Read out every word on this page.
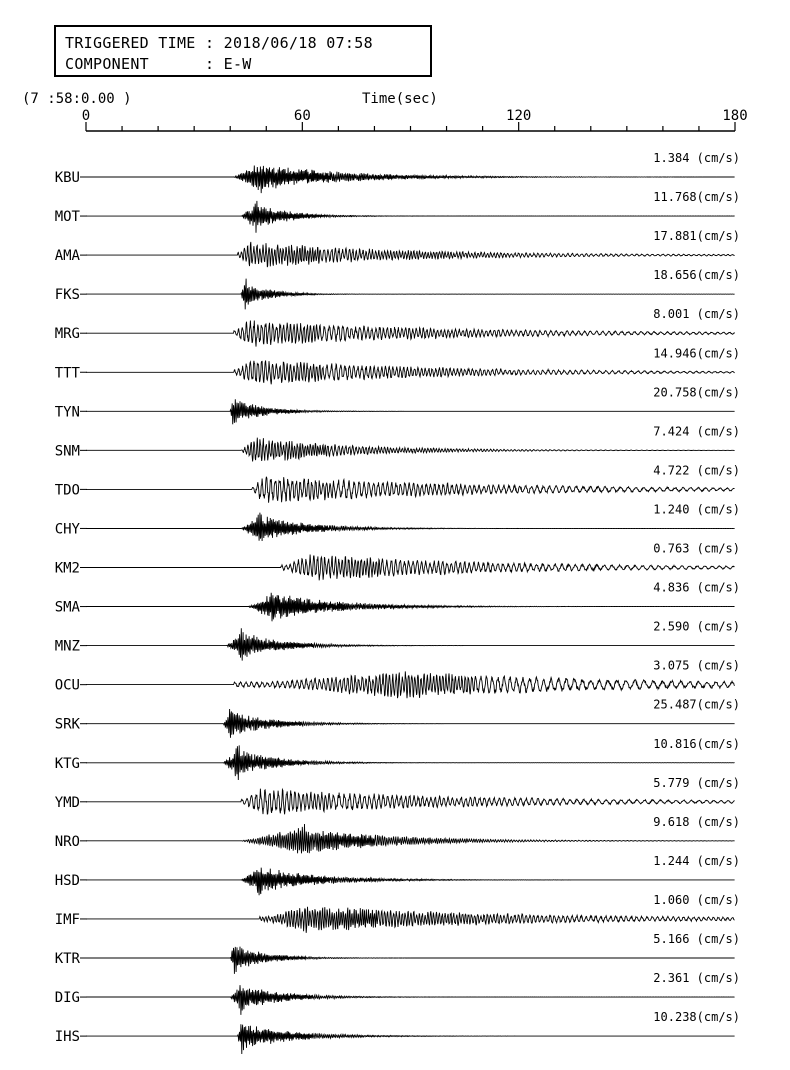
TRIGGERED TIME : 2018/06/18 07:58
COMPONENT      : E-W
(7 :58:0.00 )	Time(sec)
0	60	120	180
KBU
1.384 (cm/s)
MOT
11.768(cm/s)
AMA
17.881(cm/s)
FKS
18.656(cm/s)
MRG
8.001 (cm/s)
TTT
14.946(cm/s)
TYN
20.758(cm/s)
SNM
7.424 (cm/s)
TDO
4.722 (cm/s)
CHY
1.240 (cm/s)
KM2
0.763 (cm/s)
SMA
4.836 (cm/s)
MNZ
2.590 (cm/s)
OCU
3.075 (cm/s)
SRK
25.487(cm/s)
KTG
10.816(cm/s)
YMD
5.779 (cm/s)
NRO
9.618 (cm/s)
HSD
1.244 (cm/s)
IMF
1.060 (cm/s)
KTR
5.166 (cm/s)
DIG
2.361 (cm/s)
IHS
10.238(cm/s)
